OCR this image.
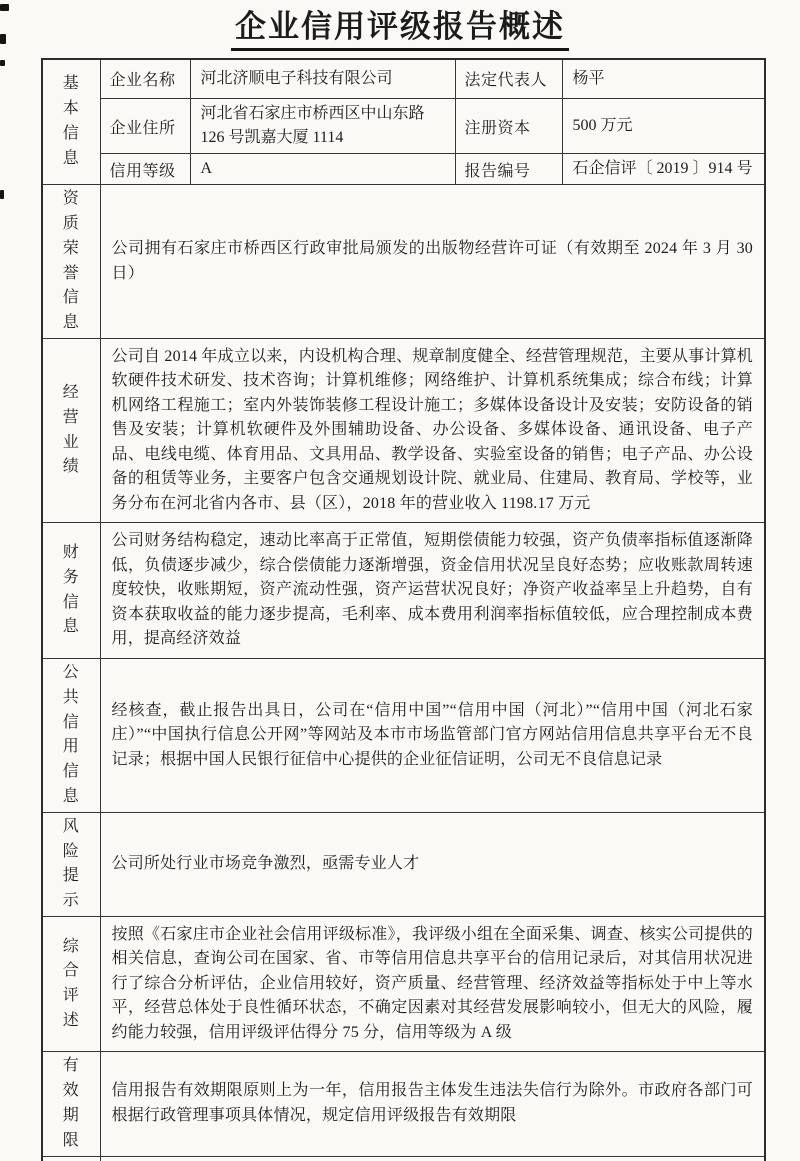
企业信用评级报告概述
基本信息	企业名称	河北济顺电子科技有限公司	法定代表人	杨平
	企业住所	河北省石家庄市桥西区中山东路 126 号凯嘉大厦 1114	注册资本	500 万元
	信用等级	A	报告编号	石企信评〔 2019 〕914 号

资质荣誉信息	公司拥有石家庄市桥西区行政审批局颁发的出版物经营许可证（有效期至 2024 年 3 月 30 日）			

经营业绩	公司自 2014 年成立以来，内设机构合理、规章制度健全、经营管理规范，主要从事计算机软硬件技术研发、技术咨询；计算机维修；网络维护、计算机系统集成；综合布线；计算机网络工程施工；室内外装饰装修工程设计施工；多媒体设备设计及安装；安防设备的销售及安装；计算机软硬件及外围辅助设备、办公设备、多媒体设备、通讯设备、电子产品、电线电缆、体育用品、文具用品、教学设备、实验室设备的销售；电子产品、办公设备的租赁等业务，主要客户包含交通规划设计院、就业局、住建局、教育局、学校等，业务分布在河北省内各市、县（区），2018 年的营业收入 1198.17 万元			

财务信息	公司财务结构稳定，速动比率高于正常值，短期偿债能力较强，资产负债率指标值逐渐降低，负债逐步减少，综合偿债能力逐渐增强，资金信用状况呈良好态势；应收账款周转速度较快，收账期短，资产流动性强，资产运营状况良好；净资产收益率呈上升趋势，自有资本获取收益的能力逐步提高，毛利率、成本费用利润率指标值较低，应合理控制成本费用，提高经济效益			

公共信用信息	经核查，截止报告出具日，公司在“信用中国”“信用中国（河北）”“信用中国（河北石家庄）”“中国执行信息公开网”等网站及本市市场监管部门官方网站信用信息共享平台无不良记录；根据中国人民银行征信中心提供的企业征信证明，公司无不良信息记录			

风险提示	公司所处行业市场竞争激烈，亟需专业人才			

综合评述	按照《石家庄市企业社会信用评级标准》，我评级小组在全面采集、调查、核实公司提供的相关信息，查询公司在国家、省、市等信用信息共享平台的信用记录后，对其信用状况进行了综合分析评估，企业信用较好，资产质量、经营管理、经济效益等指标处于中上等水平，经营总体处于良性循环状态，不确定因素对其经营发展影响较小，但无大的风险，履约能力较强，信用评级评估得分 75 分，信用等级为 A 级			

有效期限	信用报告有效期限原则上为一年，信用报告主体发生违法失信行为除外。市政府各部门可根据行政管理事项具体情况，规定信用评级报告有效期限			
